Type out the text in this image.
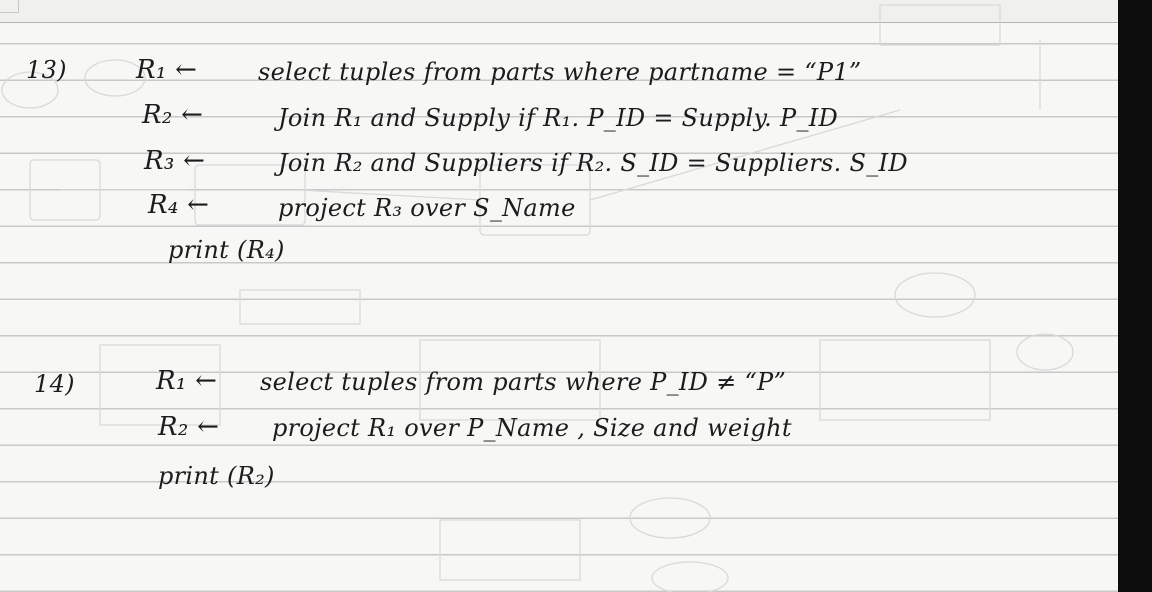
13)	R₁ ←	select tuples from parts where partname = “P1”
R₂ ←	Join R₁ and Supply if R₁. P_ID = Supply. P_ID
R₃ ←	Join R₂ and Suppliers if R₂. S_ID = Suppliers. S_ID
R₄ ←	project R₃ over S_Name
print (R₄)
14)	R₁ ← select tuples from parts where P_ID ≠ “P”
R₂ ← project R₁ over P_Name , Size and weight
print (R₂)
